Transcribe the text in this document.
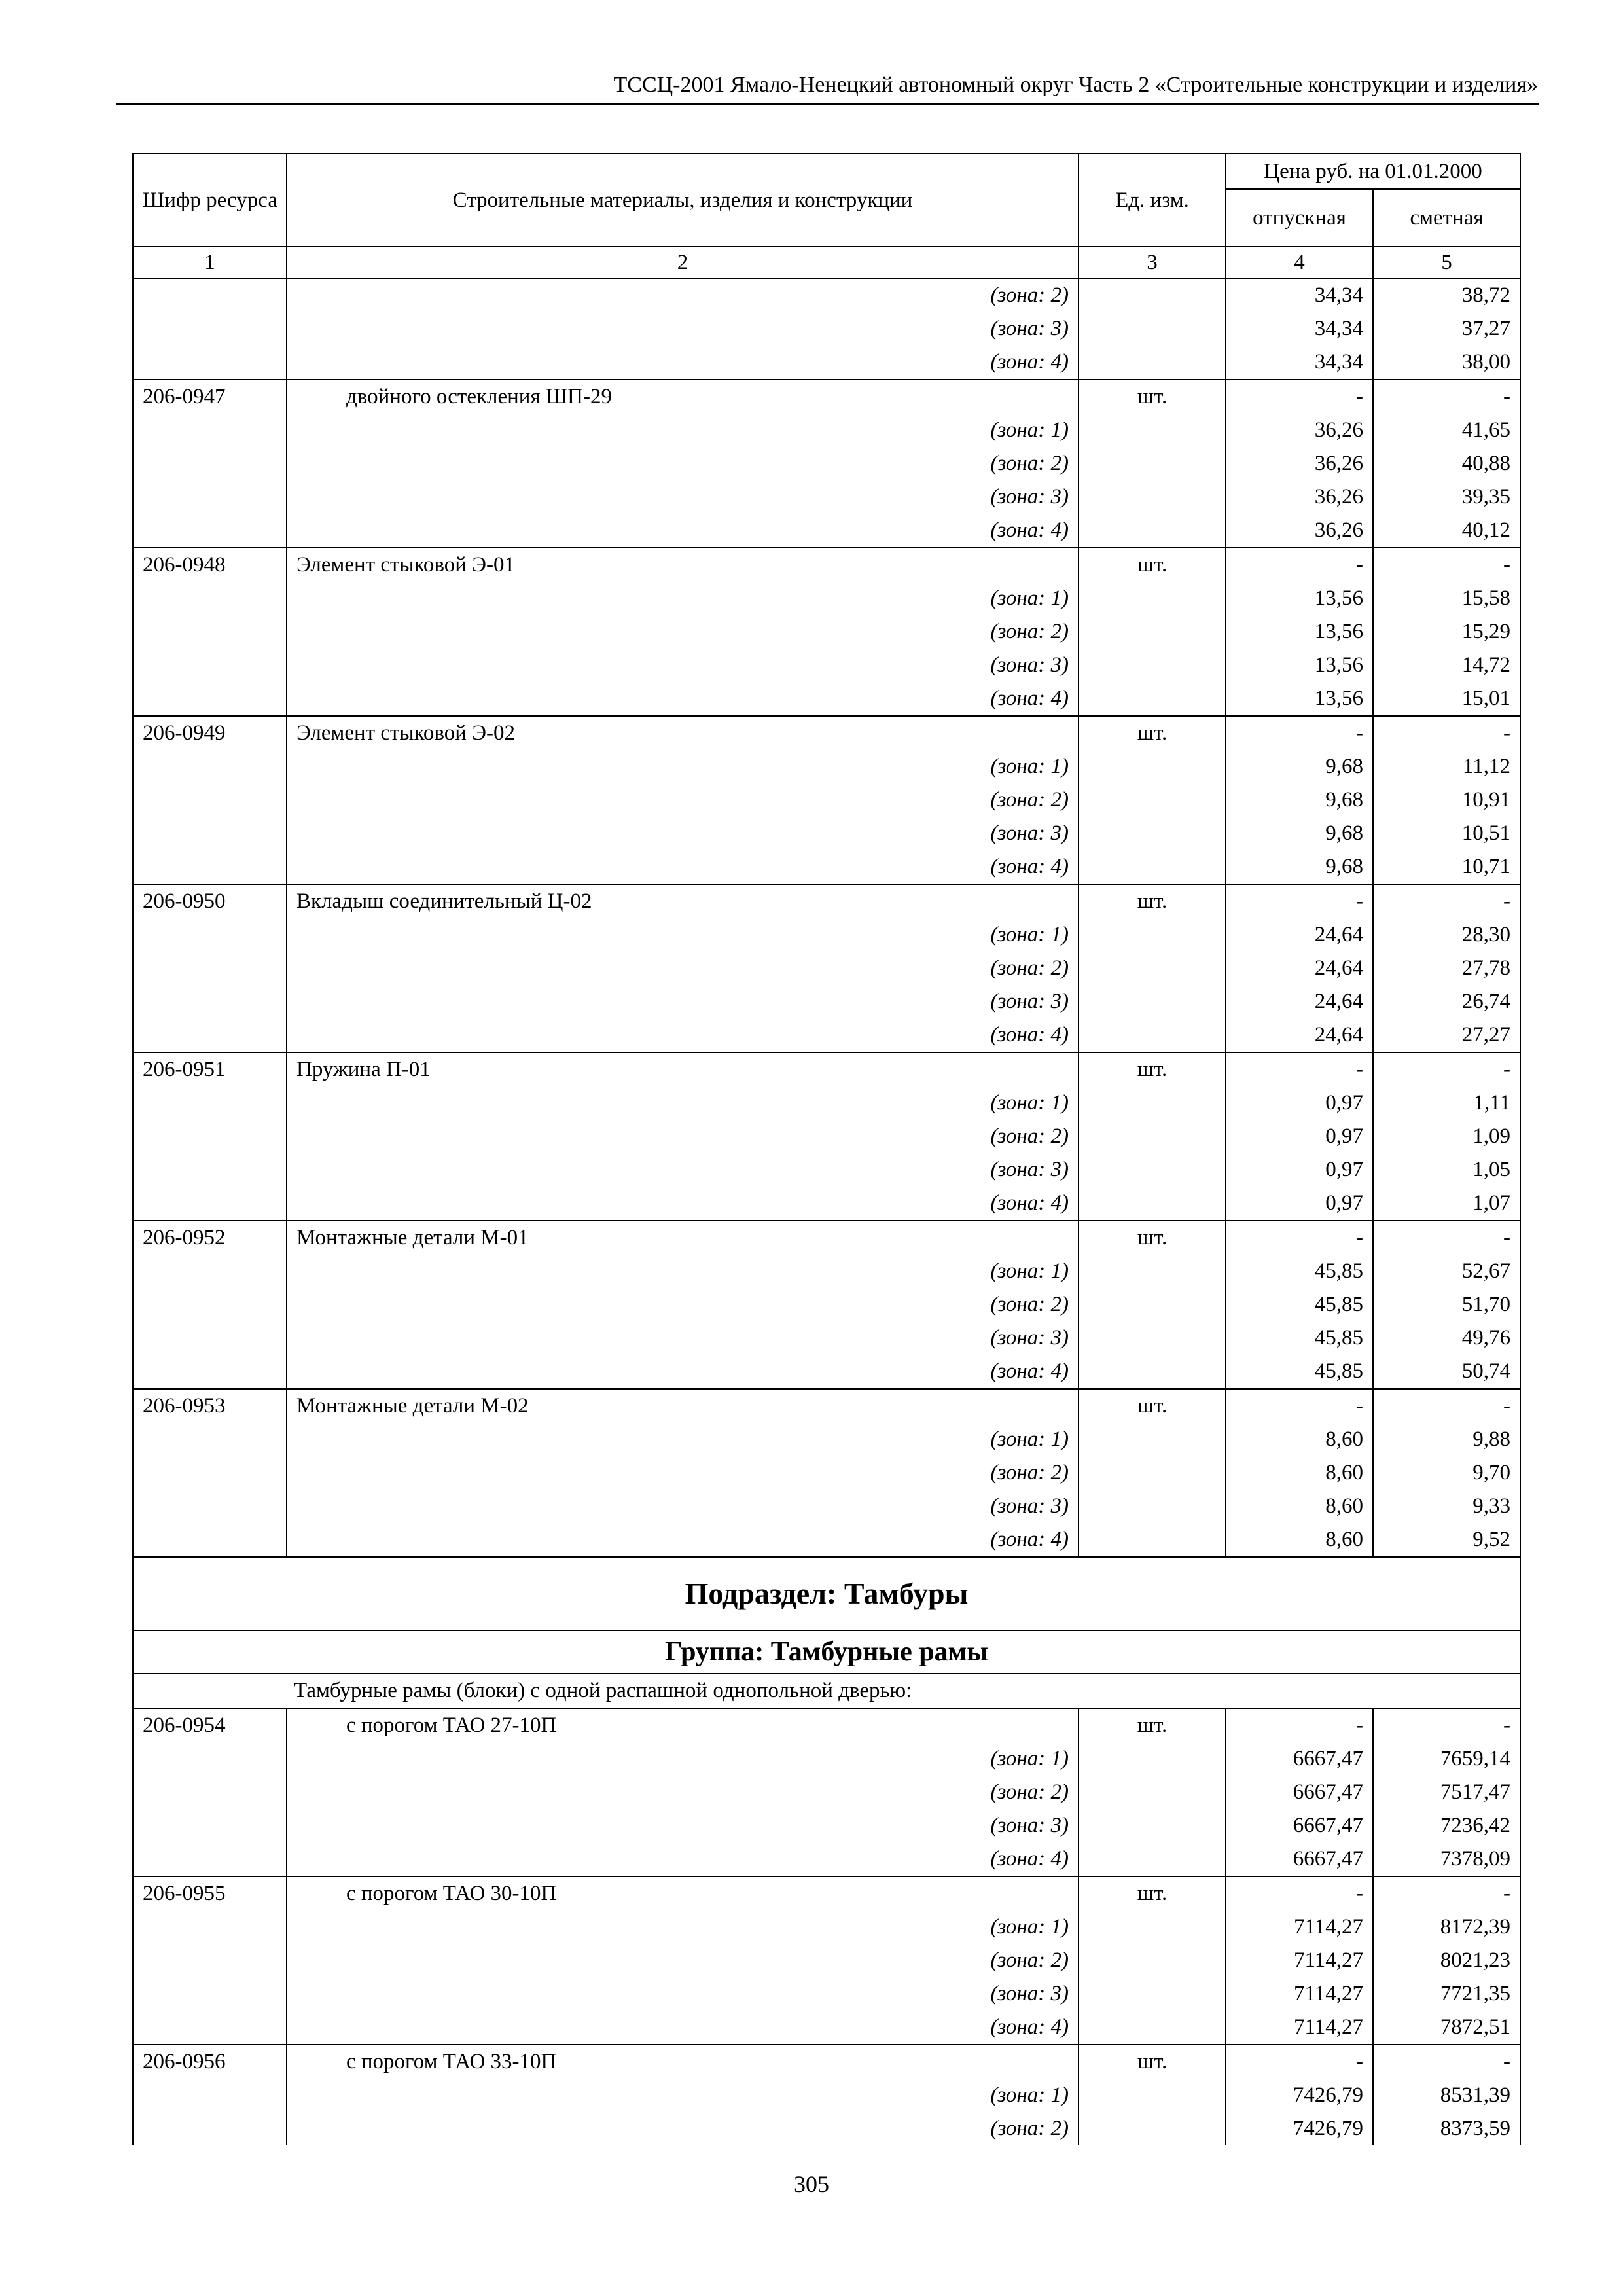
ТССЦ-2001 Ямало-Ненецкий автономный округ Часть 2 «Строительные конструкции и изделия»
Шифр ресурса	Строительные материалы, изделия и конструкции	Ед. изм.	Цена руб. на 01.01.2000	
			отпускная	сметная
1	2	3	4	5
	(зона: 2)		34,34	38,72
	(зона: 3)		34,34	37,27
	(зона: 4)		34,34	38,00
206-0947	двойного остекления ШП-29	шт.	-	-
	(зона: 1)		36,26	41,65
	(зона: 2)		36,26	40,88
	(зона: 3)		36,26	39,35
	(зона: 4)		36,26	40,12
206-0948	Элемент стыковой Э-01	шт.	-	-
	(зона: 1)		13,56	15,58
	(зона: 2)		13,56	15,29
	(зона: 3)		13,56	14,72
	(зона: 4)		13,56	15,01
206-0949	Элемент стыковой Э-02	шт.	-	-
	(зона: 1)		9,68	11,12
	(зона: 2)		9,68	10,91
	(зона: 3)		9,68	10,51
	(зона: 4)		9,68	10,71
206-0950	Вкладыш соединительный Ц-02	шт.	-	-
	(зона: 1)		24,64	28,30
	(зона: 2)		24,64	27,78
	(зона: 3)		24,64	26,74
	(зона: 4)		24,64	27,27
206-0951	Пружина П-01	шт.	-	-
	(зона: 1)		0,97	1,11
	(зона: 2)		0,97	1,09
	(зона: 3)		0,97	1,05
	(зона: 4)		0,97	1,07
206-0952	Монтажные детали М-01	шт.	-	-
	(зона: 1)		45,85	52,67
	(зона: 2)		45,85	51,70
	(зона: 3)		45,85	49,76
	(зона: 4)		45,85	50,74
206-0953	Монтажные детали М-02	шт.	-	-
	(зона: 1)		8,60	9,88
	(зона: 2)		8,60	9,70
	(зона: 3)		8,60	9,33
	(зона: 4)		8,60	9,52
Подраздел: Тамбуры				
Группа: Тамбурные рамы				
Тамбурные рамы (блоки) с одной распашной однопольной дверью:				
206-0954	с порогом ТАО 27-10П	шт.	-	-
	(зона: 1)		6667,47	7659,14
	(зона: 2)		6667,47	7517,47
	(зона: 3)		6667,47	7236,42
	(зона: 4)		6667,47	7378,09
206-0955	с порогом ТАО 30-10П	шт.	-	-
	(зона: 1)		7114,27	8172,39
	(зона: 2)		7114,27	8021,23
	(зона: 3)		7114,27	7721,35
	(зона: 4)		7114,27	7872,51
206-0956	с порогом ТАО 33-10П	шт.	-	-
	(зона: 1)		7426,79	8531,39
	(зона: 2)		7426,79	8373,59
305
